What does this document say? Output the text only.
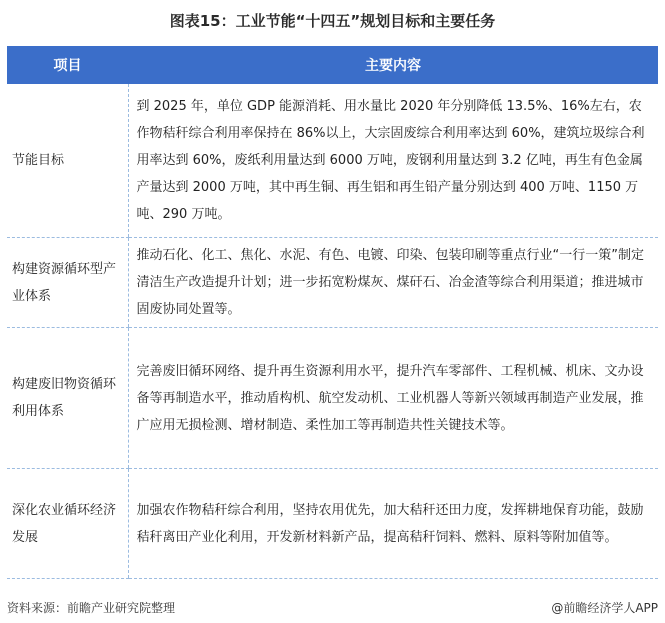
图表15：工业节能“十四五”规划目标和主要任务
项目	主要内容
节能目标	到 2025 年，单位 GDP 能源消耗、用水量比 2020 年分别降低 13.5%、16%左右，农作物秸秆综合利用率保持在 86%以上，大宗固废综合利用率达到 60%，建筑垃圾综合利用率达到 60%，废纸利用量达到 6000 万吨，废钢利用量达到 3.2 亿吨，再生有色金属产量达到 2000 万吨，其中再生铜、再生铝和再生铅产量分别达到 400 万吨、1150 万吨、290 万吨。
构建资源循环型产业体系	推动石化、化工、焦化、水泥、有色、电镀、印染、包装印刷等重点行业“一行一策”制定清洁生产改造提升计划；进一步拓宽粉煤灰、煤矸石、冶金渣等综合利用渠道；推进城市固废协同处置等。
构建废旧物资循环利用体系	完善废旧循环网络、提升再生资源利用水平，提升汽车零部件、工程机械、机床、文办设备等再制造水平，推动盾构机、航空发动机、工业机器人等新兴领域再制造产业发展，推广应用无损检测、增材制造、柔性加工等再制造共性关键技术等。
深化农业循环经济发展	加强农作物秸秆综合利用，坚持农用优先，加大秸秆还田力度，发挥耕地保育功能，鼓励秸秆离田产业化利用，开发新材料新产品，提高秸秆饲料、燃料、原料等附加值等。
资料来源：前瞻产业研究院整理	@前瞻经济学人APP
